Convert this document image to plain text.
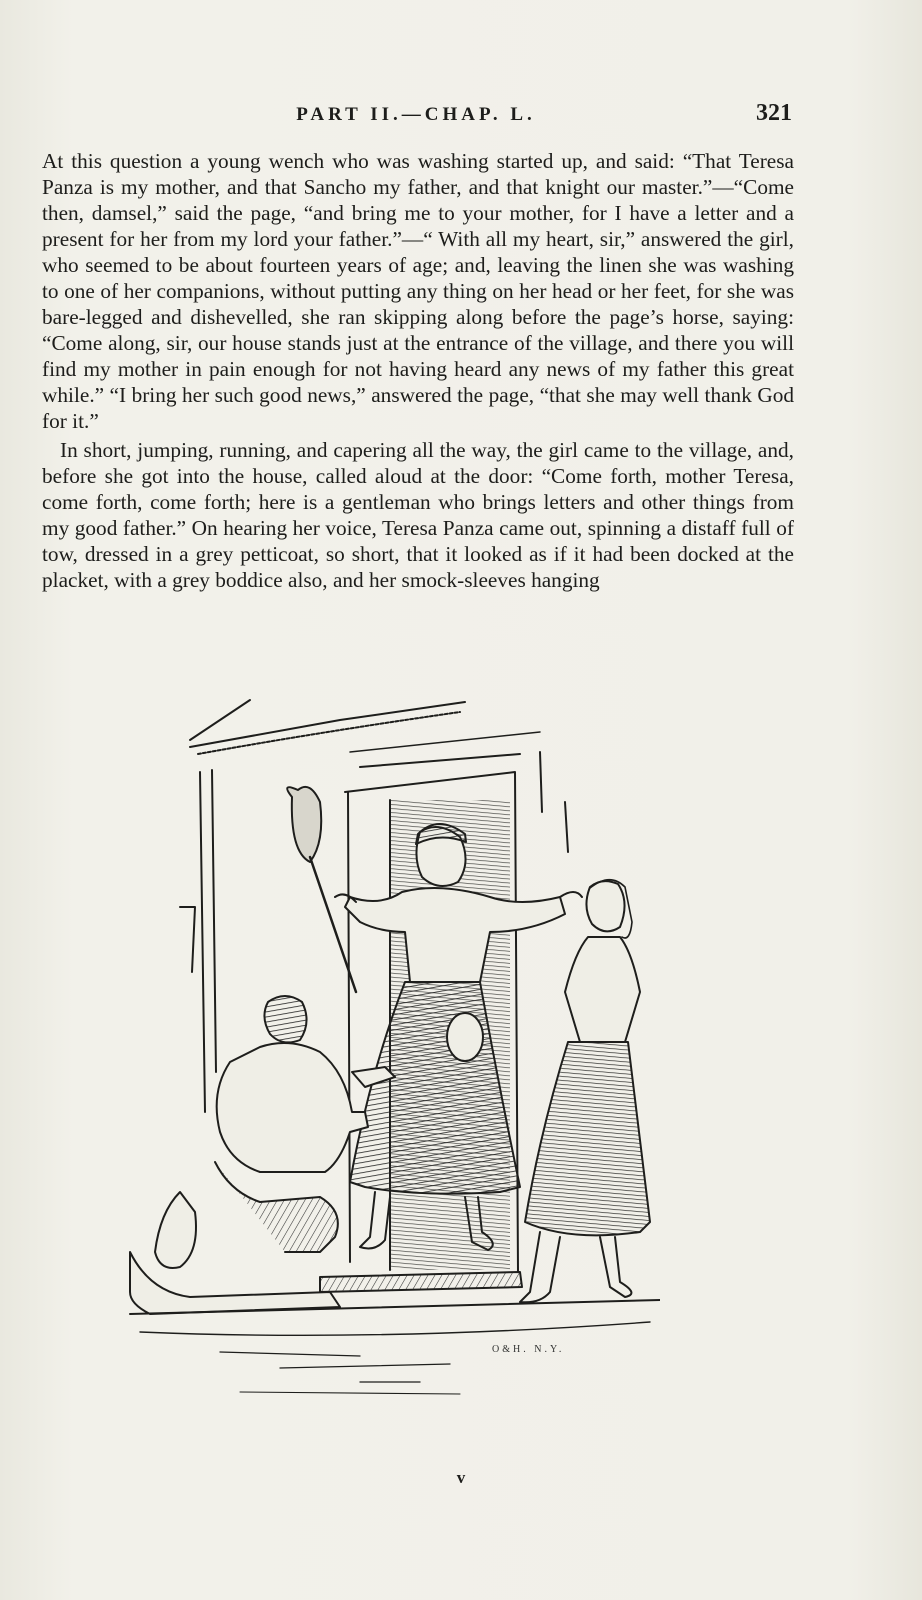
PART II.—CHAP. L.	321

At this question a young wench who was washing started up, and said: “That Teresa Panza is my mother, and that Sancho my father, and that knight our master.”—“Come then, damsel,” said the page, “and bring me to your mother, for I have a letter and a present for her from my lord your father.”—“ With all my heart, sir,” answered the girl, who seemed to be about fourteen years of age; and, leaving the linen she was washing to one of her companions, without putting any thing on her head or her feet, for she was bare-legged and dishevelled, she ran skipping along before the page’s horse, saying: “Come along, sir, our house stands just at the entrance of the village, and there you will find my mother in pain enough for not having heard any news of my father this great while.” “I bring her such good news,” answered the page, “that she may well thank God for it.”

In short, jumping, running, and capering all the way, the girl came to the village, and, before she got into the house, called aloud at the door: “Come forth, mother Teresa, come forth, come forth; here is a gentleman who brings letters and other things from my good father.” On hearing her voice, Teresa Panza came out, spinning a distaff full of tow, dressed in a grey petticoat, so short, that it looked as if it had been docked at the placket, with a grey boddice also, and her smock-sleeves hanging

O&H. N.Y.
v
